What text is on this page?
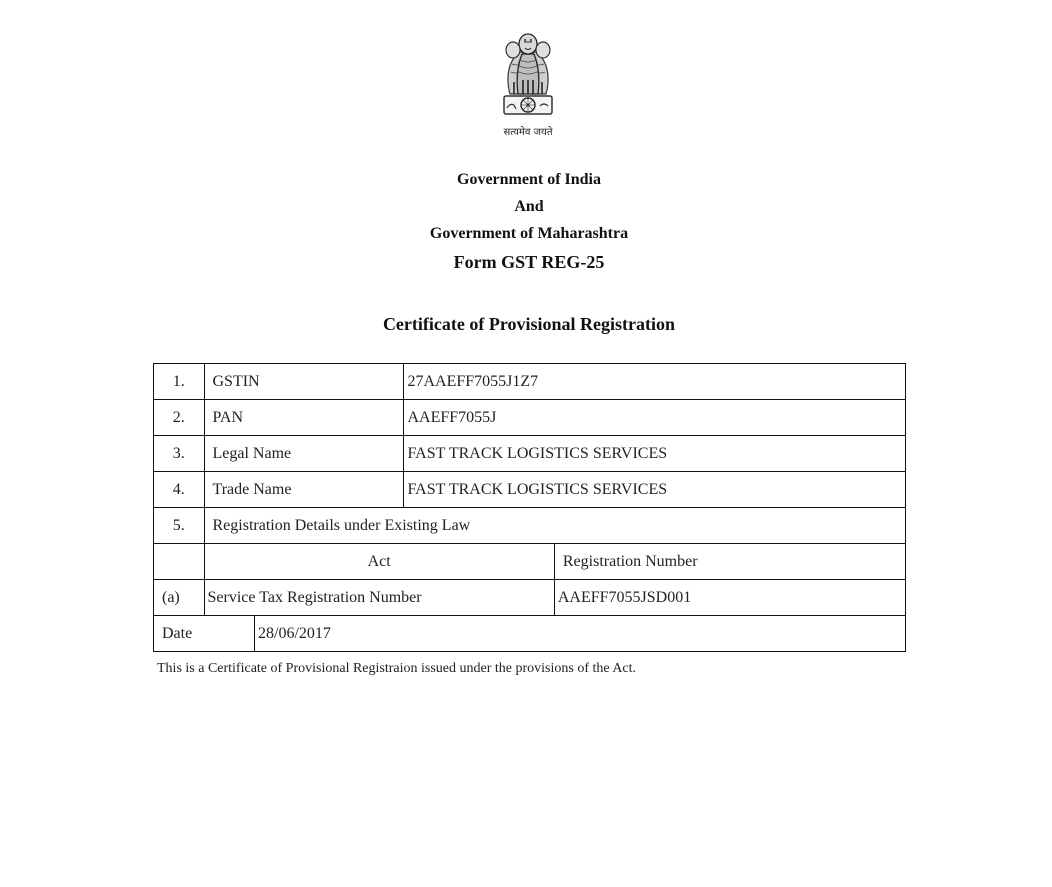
सत्यमेव जयते
Government of India
And
Government of Maharashtra
Form GST REG-25
Certificate of Provisional Registration
1.	GSTIN		27AAEFF7055J1Z7	
2.	PAN		AAEFF7055J	
3.	Legal Name		FAST TRACK LOGISTICS SERVICES	
4.	Trade Name		FAST TRACK LOGISTICS SERVICES	
5.	Registration Details under Existing Law			
	Act			Registration Number
(a)	Service Tax Registration Number			AAEFF7055JSD001

Date		28/06/2017		
This is a Certificate of Provisional Registraion issued under the provisions of the Act.
